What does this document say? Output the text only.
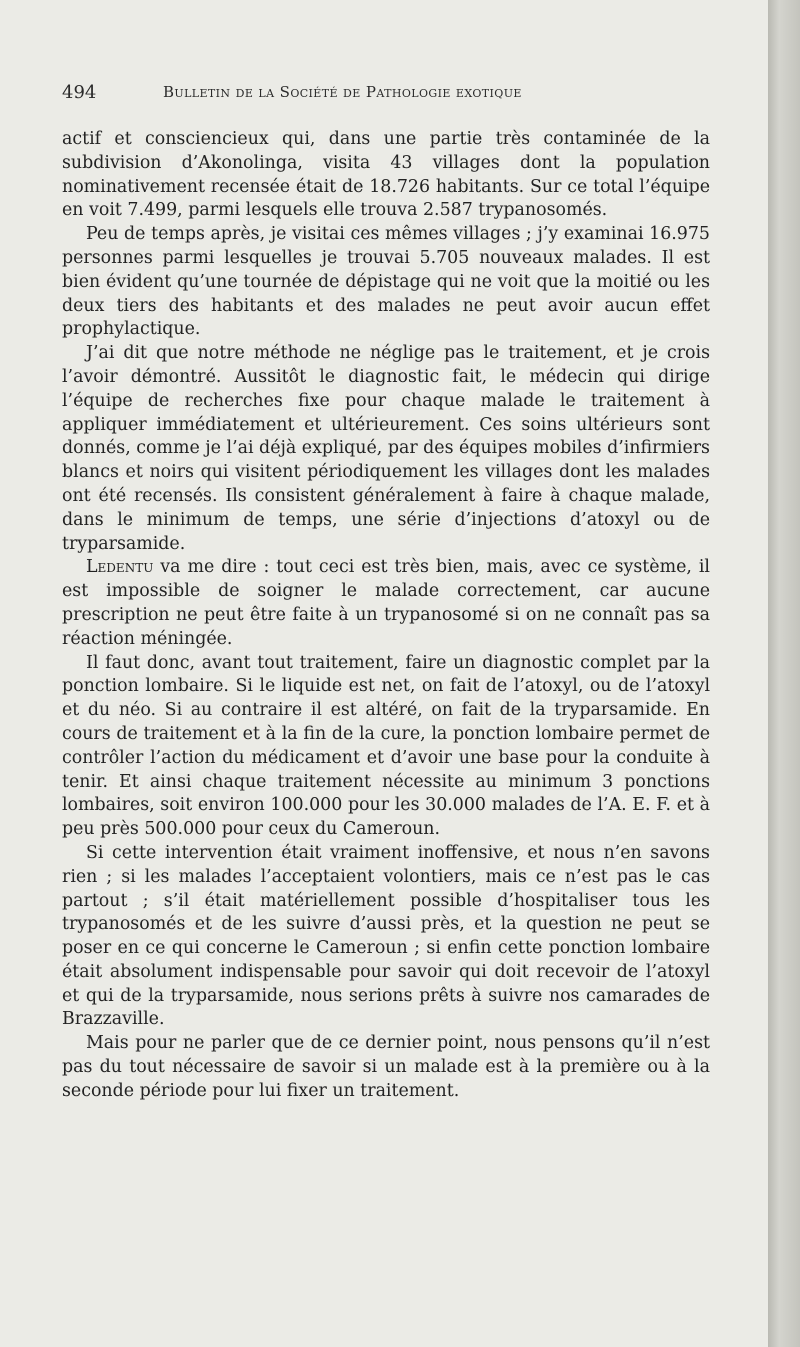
494	Bulletin de la Société de Pathologie exotique

actif et consciencieux qui, dans une partie très contaminée de la subdivision d’Akonolinga, visita 43 villages dont la population nominativement recensée était de 18.726 habitants. Sur ce total l’équipe en voit 7.499, parmi lesquels elle trouva 2.587 trypanosomés.

Peu de temps après, je visitai ces mêmes villages ; j’y examinai 16.975 personnes parmi lesquelles je trouvai 5.705 nouveaux malades. Il est bien évident qu’une tournée de dépistage qui ne voit que la moitié ou les deux tiers des habitants et des malades ne peut avoir aucun effet prophylactique.

J’ai dit que notre méthode ne néglige pas le traitement, et je crois l’avoir démontré. Aussitôt le diagnostic fait, le médecin qui dirige l’équipe de recherches fixe pour chaque malade le traitement à appliquer immédiatement et ultérieurement. Ces soins ultérieurs sont donnés, comme je l’ai déjà expliqué, par des équipes mobiles d’infirmiers blancs et noirs qui visitent périodiquement les villages dont les malades ont été recensés. Ils consistent généralement à faire à chaque malade, dans le minimum de temps, une série d’injections d’atoxyl ou de tryparsamide.

Ledentu va me dire : tout ceci est très bien, mais, avec ce système, il est impossible de soigner le malade correctement, car aucune prescription ne peut être faite à un trypanosomé si on ne connaît pas sa réaction méningée.

Il faut donc, avant tout traitement, faire un diagnostic complet par la ponction lombaire. Si le liquide est net, on fait de l’atoxyl, ou de l’atoxyl et du néo. Si au contraire il est altéré, on fait de la tryparsamide. En cours de traitement et à la fin de la cure, la ponction lombaire permet de contrôler l’action du médicament et d’avoir une base pour la conduite à tenir. Et ainsi chaque traitement nécessite au minimum 3 ponctions lombaires, soit environ 100.000 pour les 30.000 malades de l’A. E. F. et à peu près 500.000 pour ceux du Cameroun.

Si cette intervention était vraiment inoffensive, et nous n’en savons rien ; si les malades l’acceptaient volontiers, mais ce n’est pas le cas partout ; s’il était matériellement possible d’hospitaliser tous les trypanosomés et de les suivre d’aussi près, et la question ne peut se poser en ce qui concerne le Cameroun ; si enfin cette ponction lombaire était absolument indispensable pour savoir qui doit recevoir de l’atoxyl et qui de la tryparsamide, nous serions prêts à suivre nos camarades de Brazzaville.

Mais pour ne parler que de ce dernier point, nous pensons qu’il n’est pas du tout nécessaire de savoir si un malade est à la première ou à la seconde période pour lui fixer un traitement.
